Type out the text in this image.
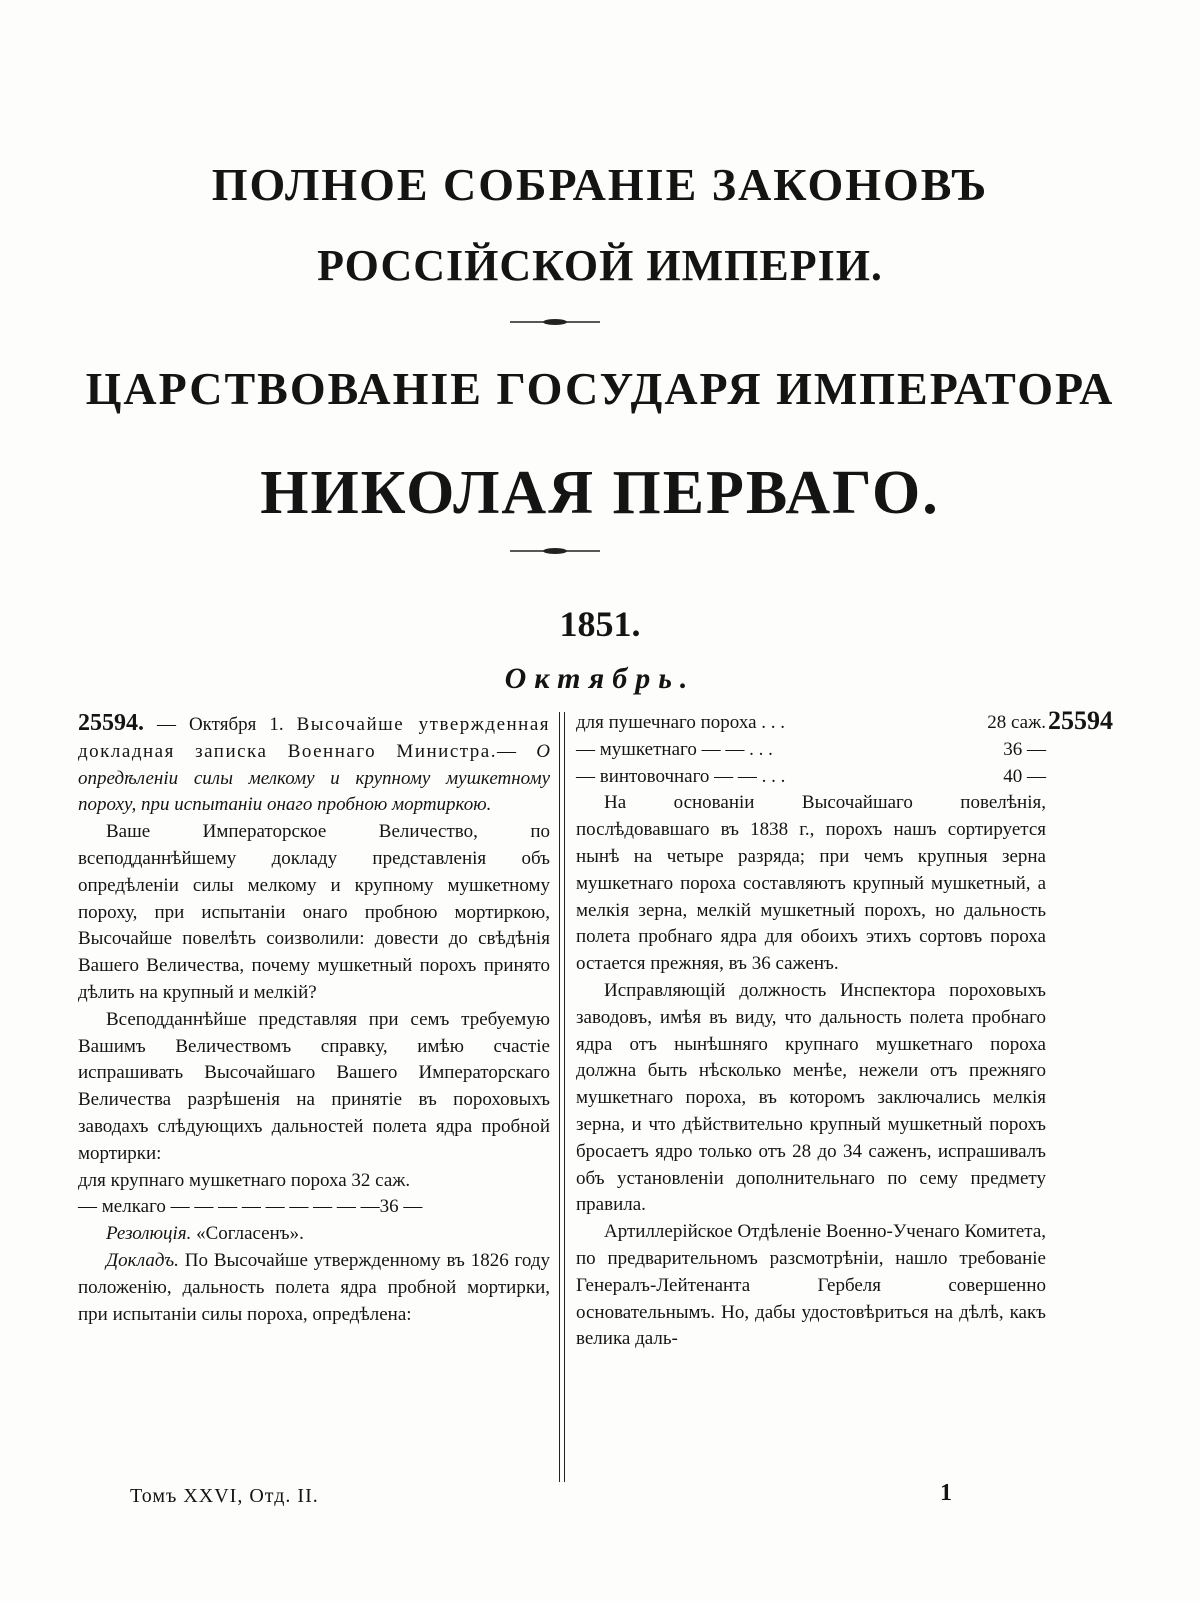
ПОЛНОЕ СОБРАНІЕ ЗАКОНОВЪ
РОССІЙСКОЙ ИМПЕРІИ.
ЦАРСТВОВАНІЕ ГОСУДАРЯ ИМПЕРАТОРА
НИКОЛАЯ ПЕРВАГО.
1851.
Октябрь.

25594. — Октября 1. Высочайше утвержденная докладная записка Военнаго Министра.— О опредѣленіи силы мелкому и крупному мушкетному пороху, при испытаніи онаго пробною мортиркою.

Ваше Императорское Величество, по всеподданнѣйшему докладу представленія объ опредѣленіи силы мелкому и крупному мушкетному пороху, при испытаніи онаго пробною мортиркою, Высочайше повелѣть соизволили: довести до свѣдѣнія Вашего Величества, почему мушкетный порохъ принято дѣлить на крупный и мелкій?

Всеподданнѣйше представляя при семъ требуемую Вашимъ Величествомъ справку, имѣю счастіе испрашивать Высочайшаго Вашего Императорскаго Величества разрѣшенія на принятіе въ пороховыхъ заводахъ слѣдующихъ дальностей полета ядра пробной мортирки:

для крупнаго мушкетнаго пороха 32 саж.

— мелкаго — — — — — — — — —36 —

Резолюція. «Согласенъ».

Докладъ. По Высочайше утвержденному въ 1826 году положенію, дальность полета ядра пробной мортирки, при испытаніи силы пороха, опредѣлена:

для пушечнаго пороха . . .	28 саж.
— мушкетнаго — — . . .	36 —
— винтовочнаго — — . . .	40 —

На основаніи Высочайшаго повелѣнія, послѣдовавшаго въ 1838 г., порохъ нашъ сортируется нынѣ на четыре разряда; при чемъ крупныя зерна мушкетнаго пороха составляютъ крупный мушкетный, а мелкія зерна, мелкій мушкетный порохъ, но дальность полета пробнаго ядра для обоихъ этихъ сортовъ пороха остается прежняя, въ 36 саженъ.

Исправляющій должность Инспектора пороховыхъ заводовъ, имѣя въ виду, что дальность полета пробнаго ядра отъ нынѣшняго крупнаго мушкетнаго пороха должна быть нѣсколько менѣе, нежели отъ прежняго мушкетнаго пороха, въ которомъ заключались мелкія зерна, и что дѣйствительно крупный мушкетный порохъ бросаетъ ядро только отъ 28 до 34 саженъ, испрашивалъ объ установленіи дополнительнаго по сему предмету правила.

Артиллерійское Отдѣленіе Военно-Ученаго Комитета, по предварительномъ разсмотрѣніи, нашло требованіе Генералъ-Лейтенанта Гербеля совершенно основательнымъ. Но, дабы удостовѣриться на дѣлѣ, какъ велика даль-

25594
Томъ XXVI, Отд. II.	1
